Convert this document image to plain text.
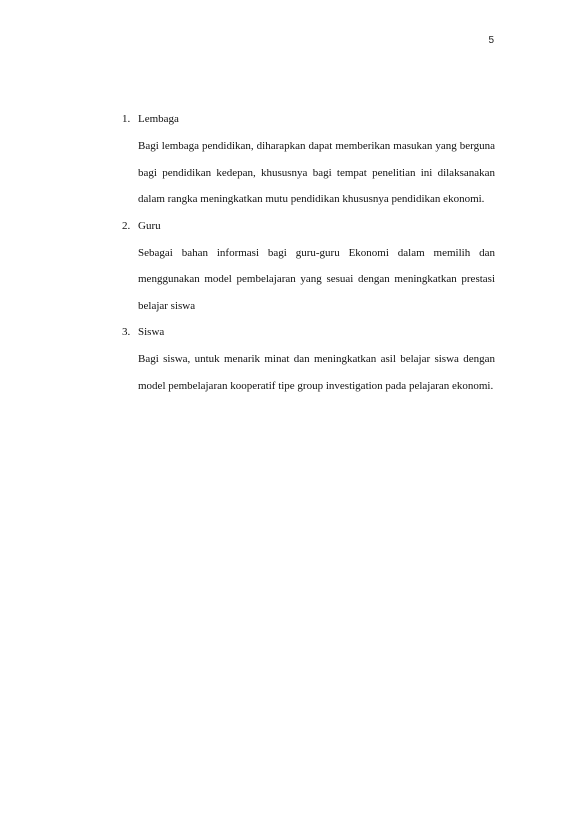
5
1. Lembaga

Bagi lembaga pendidikan, diharapkan dapat memberikan masukan yang berguna bagi pendidikan kedepan, khususnya bagi tempat penelitian ini dilaksanakan dalam rangka meningkatkan mutu pendidikan khususnya pendidikan ekonomi.

2. Guru

Sebagai bahan informasi bagi guru-guru Ekonomi dalam memilih dan menggunakan model pembelajaran yang sesuai dengan meningkatkan prestasi belajar siswa

3. Siswa

Bagi siswa, untuk menarik minat dan meningkatkan asil belajar siswa dengan model pembelajaran kooperatif tipe group investigation pada pelajaran ekonomi.
